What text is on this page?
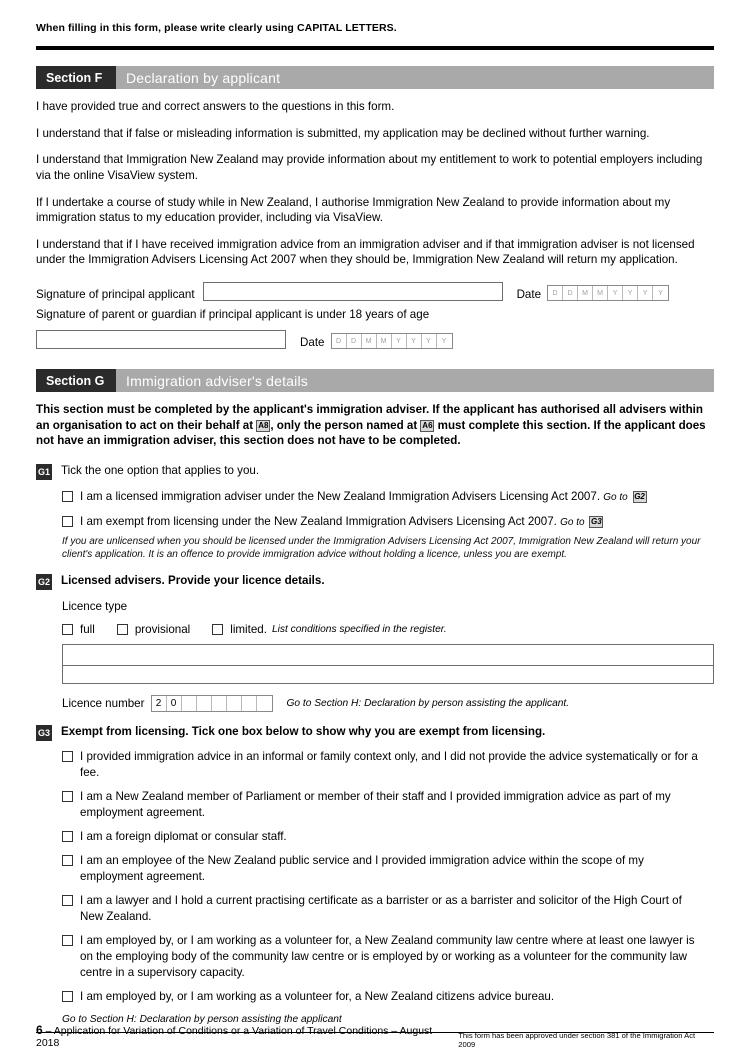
When filling in this form, please write clearly using CAPITAL LETTERS.
Section F	Declaration by applicant

I have provided true and correct answers to the questions in this form.

I understand that if false or misleading information is submitted, my application may be declined without further warning.

I understand that Immigration New Zealand may provide information about my entitlement to work to potential employers including via the online VisaView system.

If I undertake a course of study while in New Zealand, I authorise Immigration New Zealand to provide information about my immigration status to my education provider, including via VisaView.

I understand that if I have received immigration advice from an immigration adviser and if that immigration adviser is not licensed under the Immigration Advisers Licensing Act 2007 when they should be, Immigration New Zealand will return my application.

Signature of principal applicant	Date	D	D	M	M	Y	Y	Y	Y
Signature of parent or guardian if principal applicant is under 18 years of age
Date	D	D	M	M	Y	Y	Y	Y
Section G	Immigration adviser's details

This section must be completed by the applicant's immigration adviser. If the applicant has authorised all advisers within an organisation to act on their behalf at A8 , only the person named at A6 must complete this section. If the applicant does not have an immigration adviser, this section does not have to be completed.

G1 Tick the one option that applies to you.
I am a licensed immigration adviser under the New Zealand Immigration Advisers Licensing Act 2007. Go to G2
I am exempt from licensing under the New Zealand Immigration Advisers Licensing Act 2007. Go to G3
If you are unlicensed when you should be licensed under the Immigration Advisers Licensing Act 2007, Immigration New Zealand will return your client's application. It is an offence to provide immigration advice without holding a licence, unless you are exempt.
G2 Licensed advisers. Provide your licence details.
Licence type
full	provisional	limited. List conditions specified in the register.
Licence number	2 0	Go to Section H: Declaration by person assisting the applicant.
G3 Exempt from licensing. Tick one box below to show why you are exempt from licensing.
I provided immigration advice in an informal or family context only, and I did not provide the advice systematically or for a fee.
I am a New Zealand member of Parliament or member of their staff and I provided immigration advice as part of my employment agreement.
I am a foreign diplomat or consular staff.
I am an employee of the New Zealand public service and I provided immigration advice within the scope of my employment agreement.
I am a lawyer and I hold a current practising certificate as a barrister or as a barrister and solicitor of the High Court of New Zealand.
I am employed by, or I am working as a volunteer for, a New Zealand community law centre where at least one lawyer is on the employing body of the community law centre or is employed by or working as a volunteer for the community law centre in a supervisory capacity.
I am employed by, or I am working as a volunteer for, a New Zealand citizens advice bureau.
Go to Section H: Declaration by person assisting the applicant
6 – Application for Variation of Conditions or a Variation of Travel Conditions – August 2018
This form has been approved under section 381 of the Immigration Act 2009
